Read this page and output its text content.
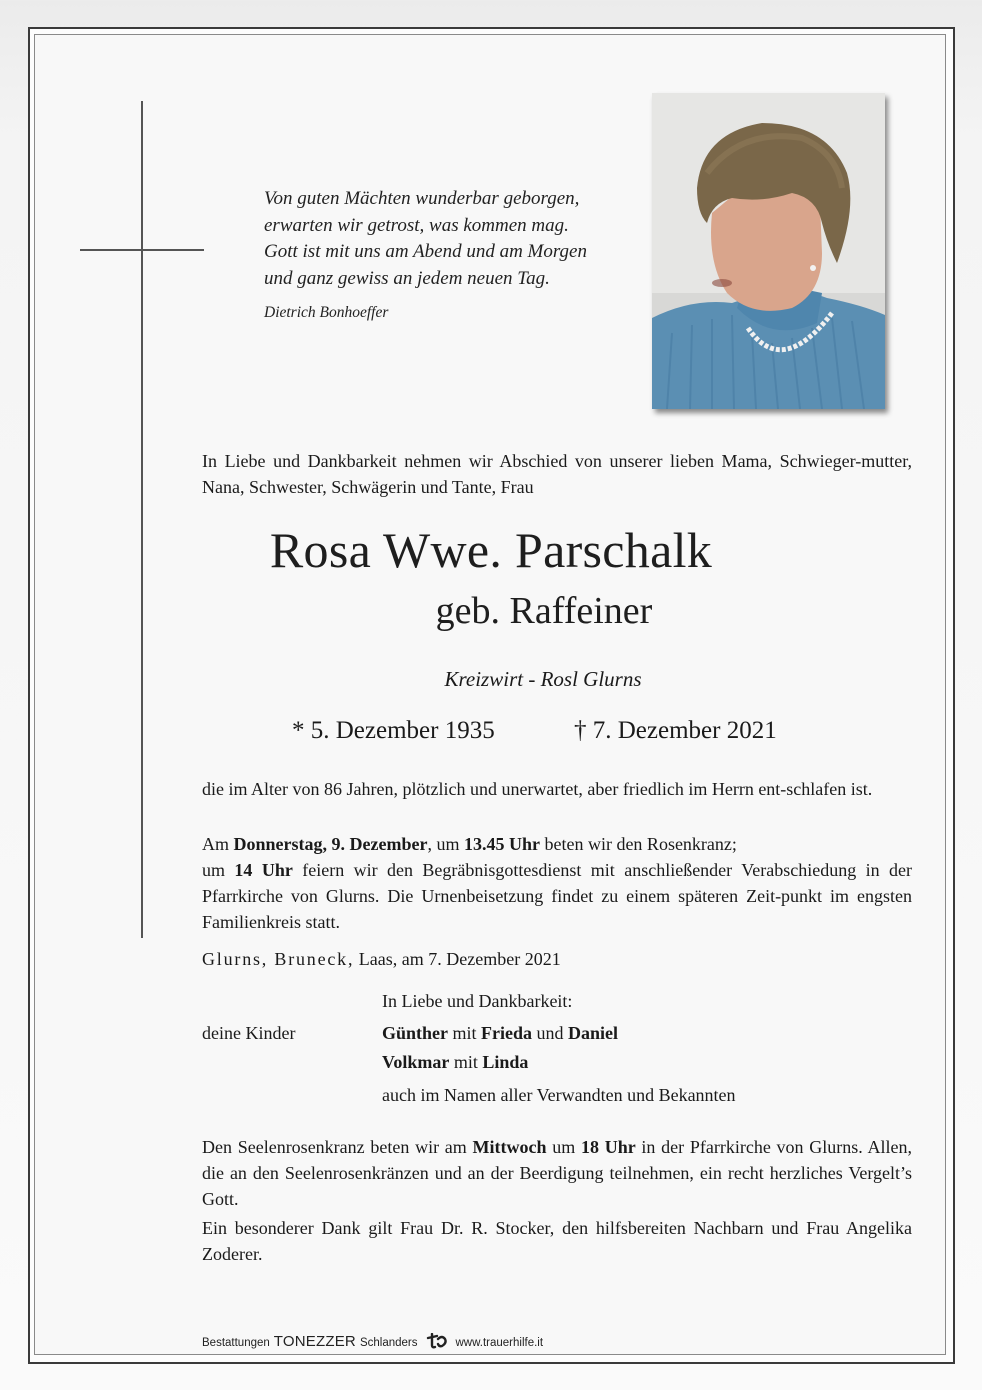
Von guten Mächten wunderbar geborgen,
erwarten wir getrost, was kommen mag.
Gott ist mit uns am Abend und am Morgen
und ganz gewiss an jedem neuen Tag.
Dietrich Bonhoeffer
In Liebe und Dankbarkeit nehmen wir Abschied von unserer lieben Mama, Schwieger-mutter, Nana, Schwester, Schwägerin und Tante, Frau
Rosa Wwe. Parschalk
geb. Raffeiner
Kreizwirt - Rosl Glurns
* 5. Dezember 1935	† 7. Dezember 2021
die im Alter von 86 Jahren, plötzlich und unerwartet, aber friedlich im Herrn ent-schlafen ist.
Am Donnerstag, 9. Dezember, um 13.45 Uhr beten wir den Rosenkranz;
um 14 Uhr feiern wir den Begräbnisgottesdienst mit anschließender Verabschiedung in der Pfarrkirche von Glurns. Die Urnenbeisetzung findet zu einem späteren Zeit-punkt im engsten Familienkreis statt.
Glurns, Bruneck, Laas, am 7. Dezember 2021
In Liebe und Dankbarkeit:
deine Kinder	Günther mit Frieda und Daniel
Volkmar mit Linda
auch im Namen aller Verwandten und Bekannten
Den Seelenrosenkranz beten wir am Mittwoch um 18 Uhr in der Pfarrkirche von Glurns. Allen, die an den Seelenrosenkränzen und an der Beerdigung teilnehmen, ein recht herzliches Vergelt’s Gott.
Ein besonderer Dank gilt Frau Dr. R. Stocker, den hilfsbereiten Nachbarn und Frau Angelika Zoderer.
Bestattungen TONEZZER Schlanders	www.trauerhilfe.it
